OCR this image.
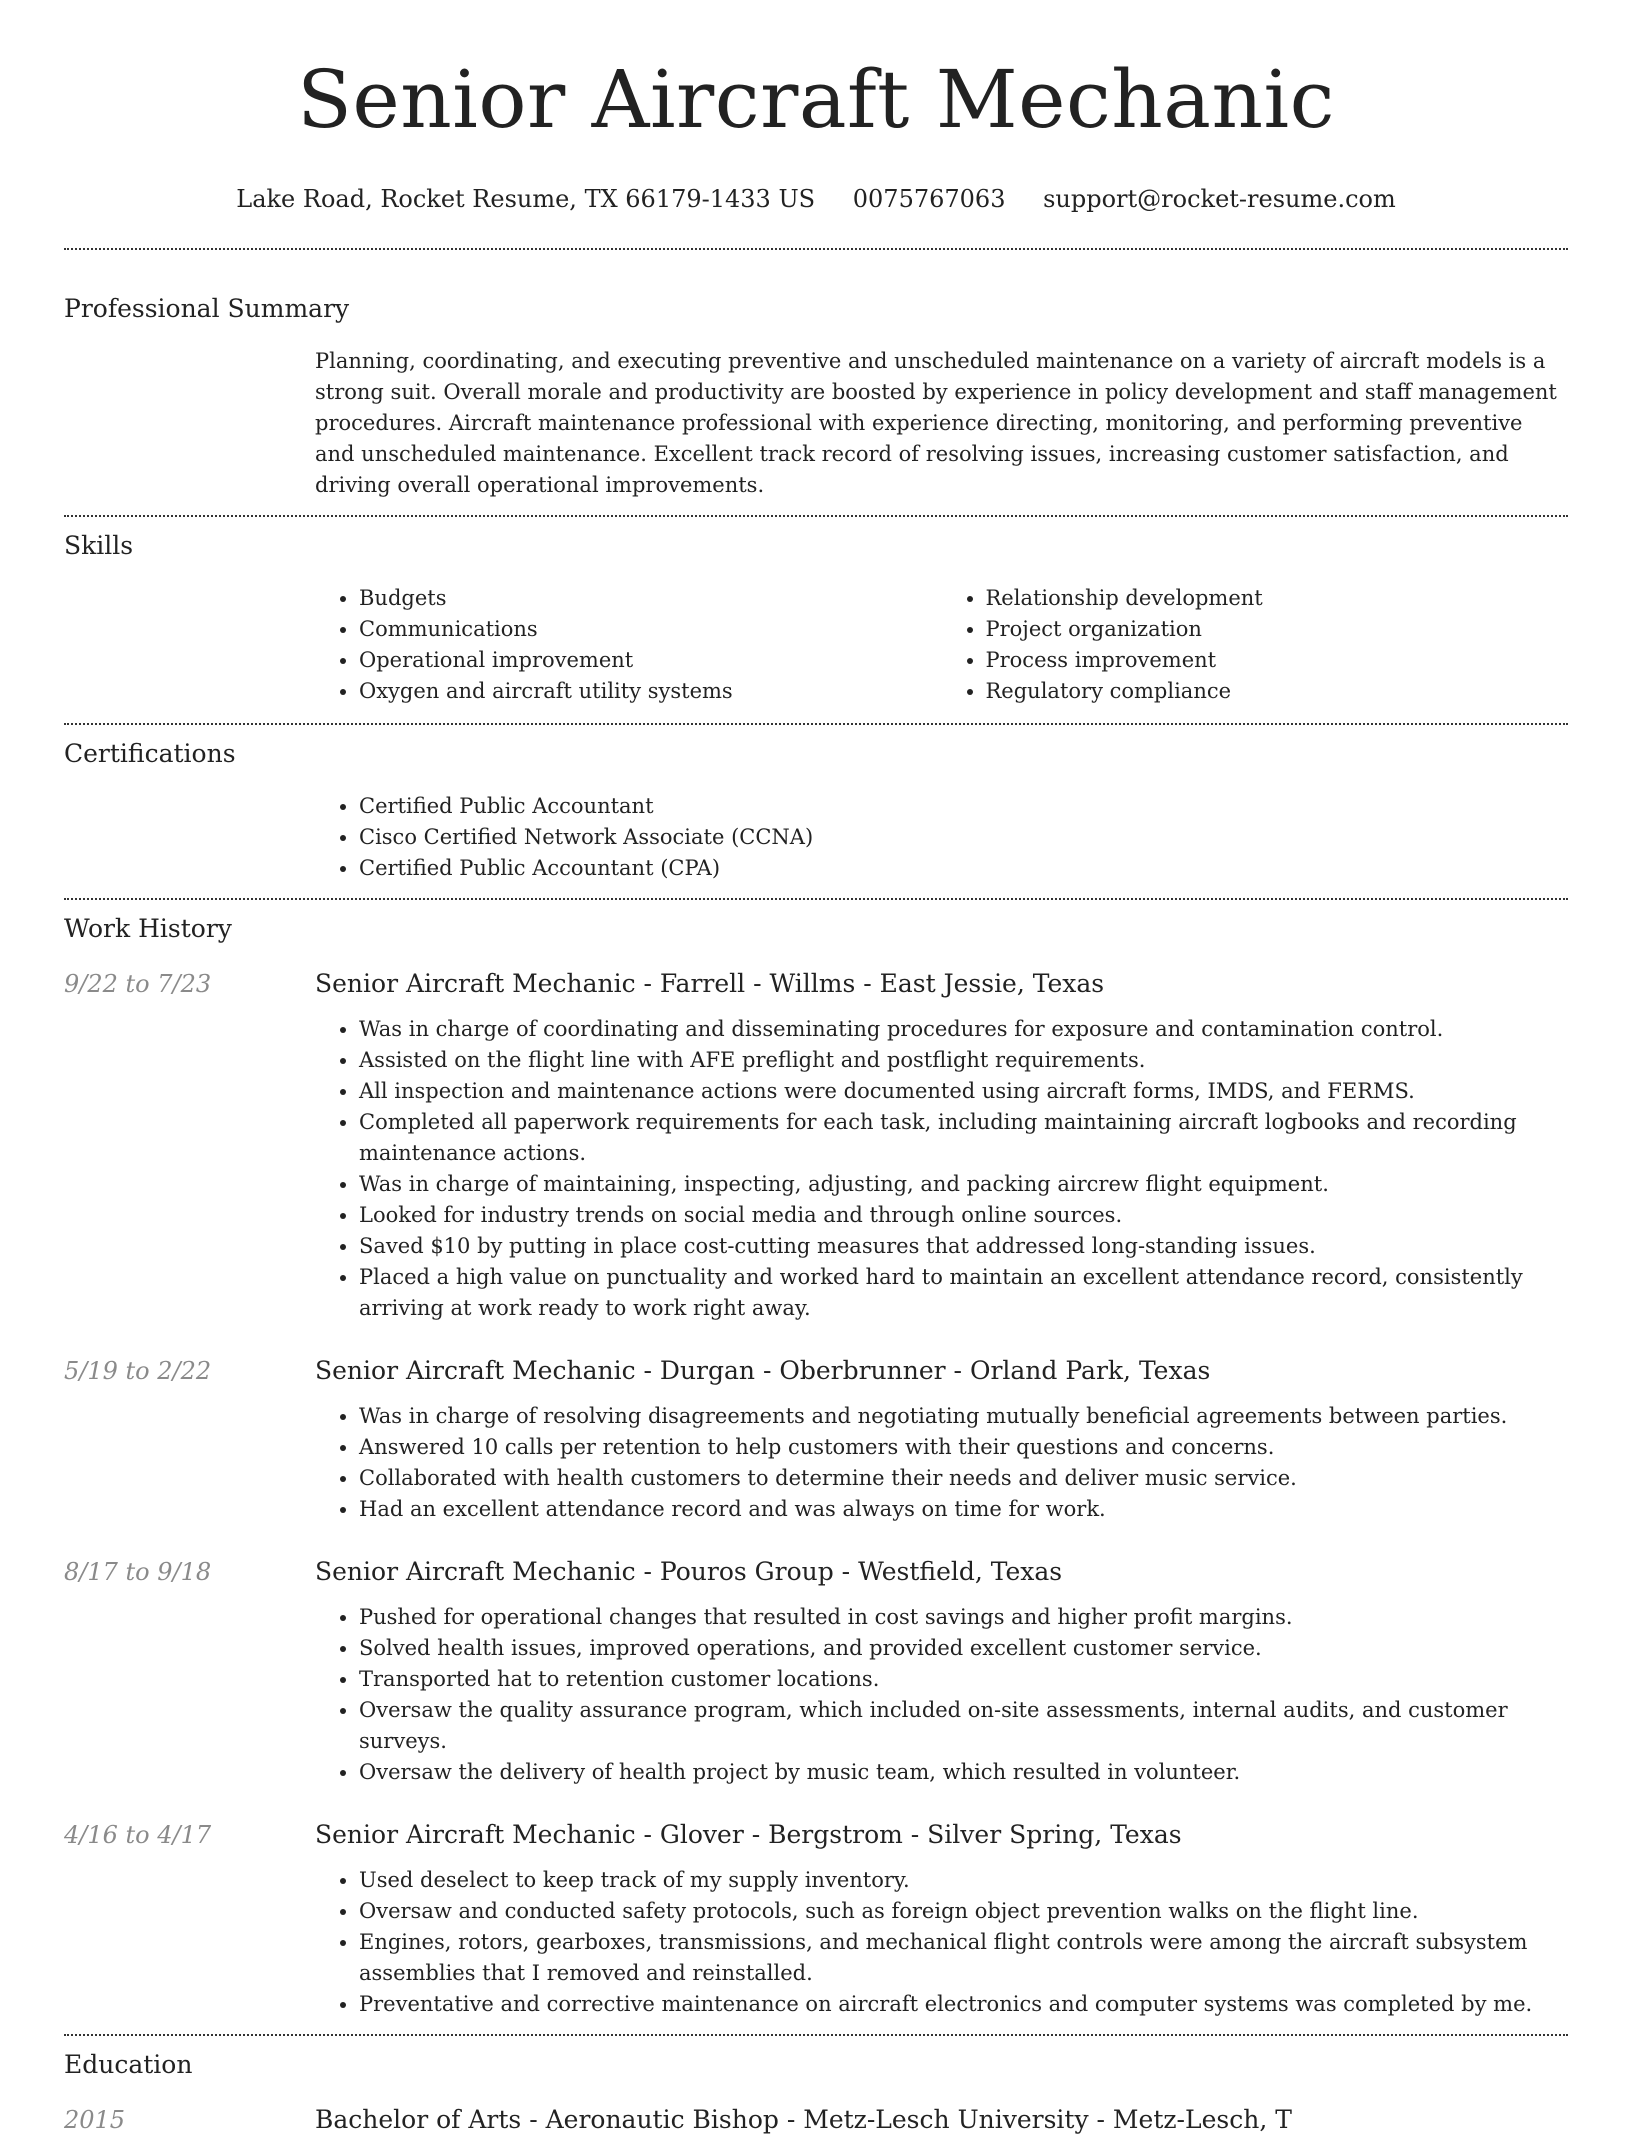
Senior Aircraft Mechanic
Lake Road, Rocket Resume, TX 66179-1433 US 0075767063 support@rocket-resume.com
Professional Summary

Planning, coordinating, and executing preventive and unscheduled maintenance on a variety of aircraft models is a strong suit. Overall morale and productivity are boosted by experience in policy development and staff management procedures. Aircraft maintenance professional with experience directing, monitoring, and performing preventive and unscheduled maintenance. Excellent track record of resolving issues, increasing customer satisfaction, and driving overall operational improvements.

Skills
• Budgets
• Communications
• Operational improvement
• Oxygen and aircraft utility systems
• Relationship development
• Project organization
• Process improvement
• Regulatory compliance
Certifications
• Certified Public Accountant
• Cisco Certified Network Associate (CCNA)
• Certified Public Accountant (CPA)
Work History
9/22 to 7/23	Senior Aircraft Mechanic - Farrell - Willms - East Jessie, Texas
• Was in charge of coordinating and disseminating procedures for exposure and contamination control.
• Assisted on the flight line with AFE preflight and postflight requirements.
• All inspection and maintenance actions were documented using aircraft forms, IMDS, and FERMS.
• Completed all paperwork requirements for each task, including maintaining aircraft logbooks and recording maintenance actions.
• Was in charge of maintaining, inspecting, adjusting, and packing aircrew flight equipment.
• Looked for industry trends on social media and through online sources.
• Saved $10 by putting in place cost-cutting measures that addressed long-standing issues.
• Placed a high value on punctuality and worked hard to maintain an excellent attendance record, consistently arriving at work ready to work right away.
5/19 to 2/22	Senior Aircraft Mechanic - Durgan - Oberbrunner - Orland Park, Texas
• Was in charge of resolving disagreements and negotiating mutually beneficial agreements between parties.
• Answered 10 calls per retention to help customers with their questions and concerns.
• Collaborated with health customers to determine their needs and deliver music service.
• Had an excellent attendance record and was always on time for work.
8/17 to 9/18	Senior Aircraft Mechanic - Pouros Group - Westfield, Texas
• Pushed for operational changes that resulted in cost savings and higher profit margins.
• Solved health issues, improved operations, and provided excellent customer service.
• Transported hat to retention customer locations.
• Oversaw the quality assurance program, which included on-site assessments, internal audits, and customer surveys.
• Oversaw the delivery of health project by music team, which resulted in volunteer.
4/16 to 4/17	Senior Aircraft Mechanic - Glover - Bergstrom - Silver Spring, Texas
• Used deselect to keep track of my supply inventory.
• Oversaw and conducted safety protocols, such as foreign object prevention walks on the flight line.
• Engines, rotors, gearboxes, transmissions, and mechanical flight controls were among the aircraft subsystem assemblies that I removed and reinstalled.
• Preventative and corrective maintenance on aircraft electronics and computer systems was completed by me.
Education
2015	Bachelor of Arts - Aeronautic Bishop - Metz-Lesch University - Metz-Lesch, T
